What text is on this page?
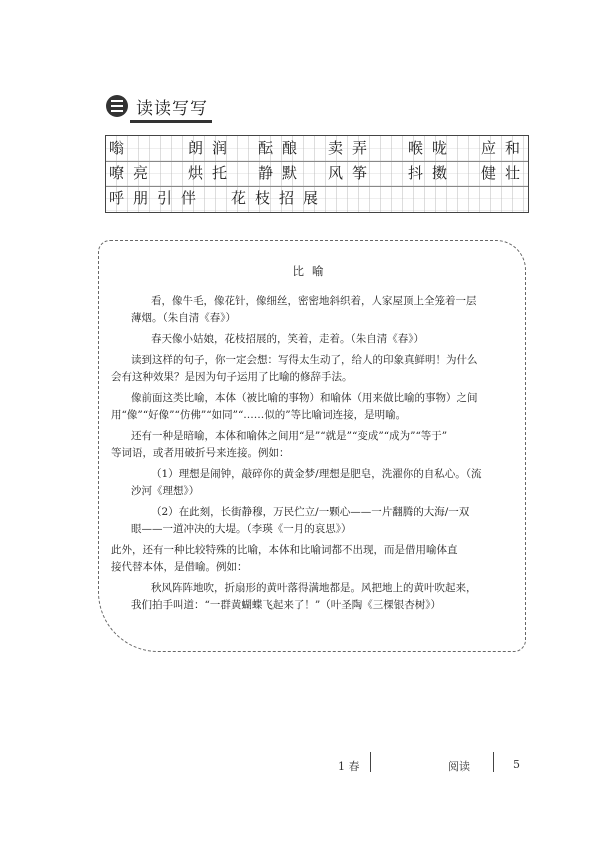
读读写写
嗡	朗润 酝酿 卖弄 喉咙 应和
嘹亮 烘托 静默 风筝 抖擞 健壮
呼朋引伴 花枝招展
比喻
看，像牛毛，像花针，像细丝，密密地斜织着，人家屋顶上全笼着一层
薄烟。（朱自清《春》）
春天像小姑娘，花枝招展的，笑着，走着。（朱自清《春》）
读到这样的句子，你一定会想：写得太生动了，给人的印象真鲜明！为什么
会有这种效果？是因为句子运用了比喻的修辞手法。
像前面这类比喻，本体（被比喻的事物）和喻体（用来做比喻的事物）之间
用“像”“好像”“仿佛”“如同”“……似的”等比喻词连接，是明喻。
还有一种是暗喻，本体和喻体之间用“是”“就是”“变成”“成为”“等于”
等词语，或者用破折号来连接。例如：
（1）理想是闹钟，敲碎你的黄金梦/理想是肥皂，洗濯你的自私心。（流
沙河《理想》）
（2）在此刻，长街静穆，万民伫立/一颗心——一片翻腾的大海/一双
眼——一道冲决的大堤。（李瑛《一月的哀思》）
此外，还有一种比较特殊的比喻，本体和比喻词都不出现，而是借用喻体直
接代替本体，是借喻。例如：
秋风阵阵地吹，折扇形的黄叶落得满地都是。风把地上的黄叶吹起来，
我们拍手叫道：“一群黄蝴蝶飞起来了！”（叶圣陶《三棵银杏树》）
1 春	阅读	5
